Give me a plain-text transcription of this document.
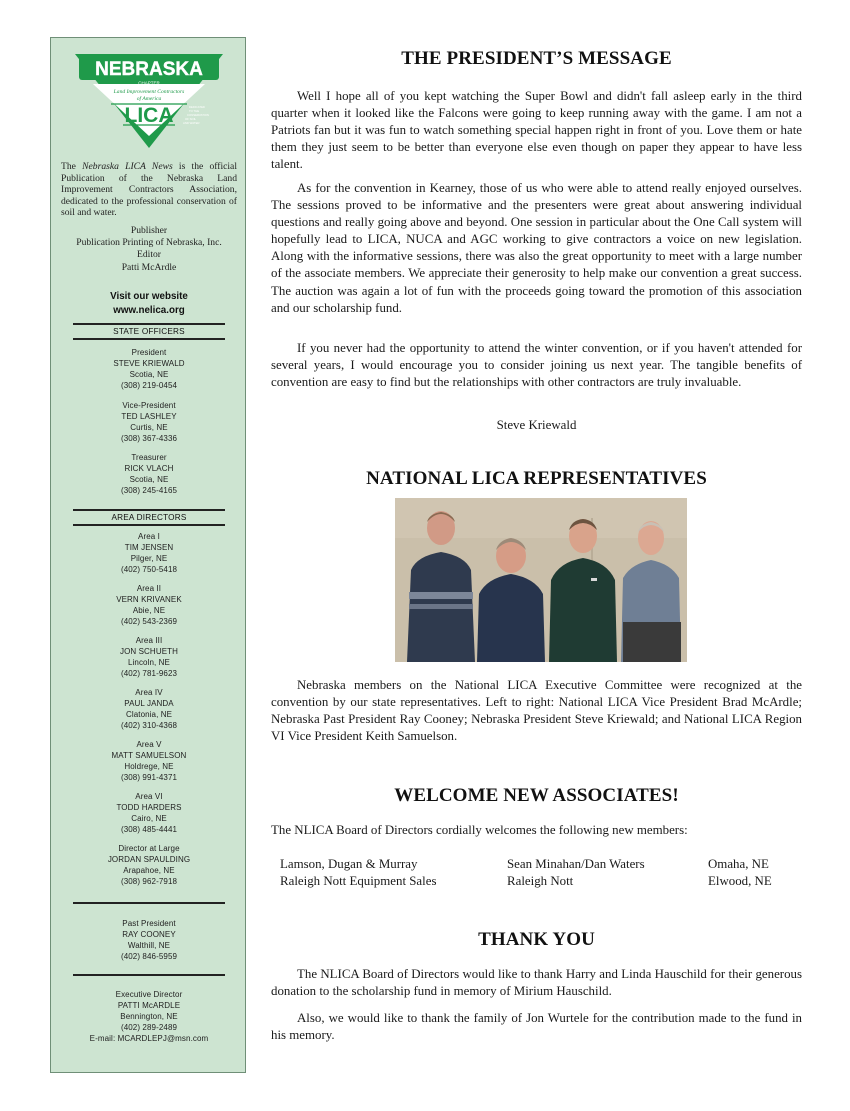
NEBRASKA
CHAPTER
Land Improvement Contractors
of America
LICA	DEDICATED
TO THE
CONSERVATION
OF SOIL
AND WATER
The Nebraska LICA News is the official Publication of the Nebraska Land Improvement Contractors Association, dedicated to the professional conservation of soil and water.
Publisher
Publication Printing of Nebraska, Inc.
Editor
Patti McArdle
Visit our website
www.nelica.org
STATE OFFICERS
President
STEVE KRIEWALD
Scotia, NE
(308) 219-0454
Vice-President
TED LASHLEY
Curtis, NE
(308) 367-4336
Treasurer
RICK VLACH
Scotia, NE
(308) 245-4165
AREA DIRECTORS
Area I
TIM JENSEN
Pilger, NE
(402) 750-5418
Area II
VERN KRIVANEK
Abie, NE
(402) 543-2369
Area III
JON SCHUETH
Lincoln, NE
(402) 781-9623
Area IV
PAUL JANDA
Clatonia, NE
(402) 310-4368
Area V
MATT SAMUELSON
Holdrege, NE
(308) 991-4371
Area VI
TODD HARDERS
Cairo, NE
(308) 485-4441
Director at Large
JORDAN SPAULDING
Arapahoe, NE
(308) 962-7918
Past President
RAY COONEY
Walthill, NE
(402) 846-5959
Executive Director
PATTI McARDLE
Bennington, NE
(402) 289-2489
E-mail: MCARDLEPJ@msn.com
THE PRESIDENT’S MESSAGE

Well I hope all of you kept watching the Super Bowl and didn't fall asleep early in the third quarter when it looked like the Falcons were going to keep running away with the game. I am not a Patriots fan but it was fun to watch something special happen right in front of you. Love them or hate them they just seem to be better than everyone else even though on paper they appear to have less talent.

As for the convention in Kearney, those of us who were able to attend really enjoyed ourselves. The sessions proved to be informative and the presenters were great about answering individual questions and really going above and beyond. One session in particular about the One Call system will hopefully lead to LICA, NUCA and AGC working to give contractors a voice on new legislation. Along with the informative sessions, there was also the great opportunity to meet with a large number of the associate members. We appreciate their generosity to help make our convention a great success. The auction was again a lot of fun with the proceeds going toward the promotion of this association and our scholarship fund.

If you never had the opportunity to attend the winter convention, or if you haven't attended for several years, I would encourage you to consider joining us next year. The tangible benefits of convention are easy to find but the relationships with other contractors are truly invaluable.

Steve Kriewald
NATIONAL LICA REPRESENTATIVES

Nebraska members on the National LICA Executive Committee were recognized at the convention by our state representatives. Left to right: National LICA Vice President Brad McArdle; Nebraska Past President Ray Cooney; Nebraska President Steve Kriewald; and National LICA Region VI Vice President Keith Samuelson.

WELCOME NEW ASSOCIATES!

The NLICA Board of Directors cordially welcomes the following new members:

Lamson, Dugan & Murray	Sean Minahan/Dan Waters	Omaha, NE
Raleigh Nott Equipment Sales	Raleigh Nott	Elwood, NE
THANK YOU

The NLICA Board of Directors would like to thank Harry and Linda Hauschild for their generous donation to the scholarship fund in memory of Mirium Hauschild.

Also, we would like to thank the family of Jon Wurtele for the contribution made to the fund in his memory.
